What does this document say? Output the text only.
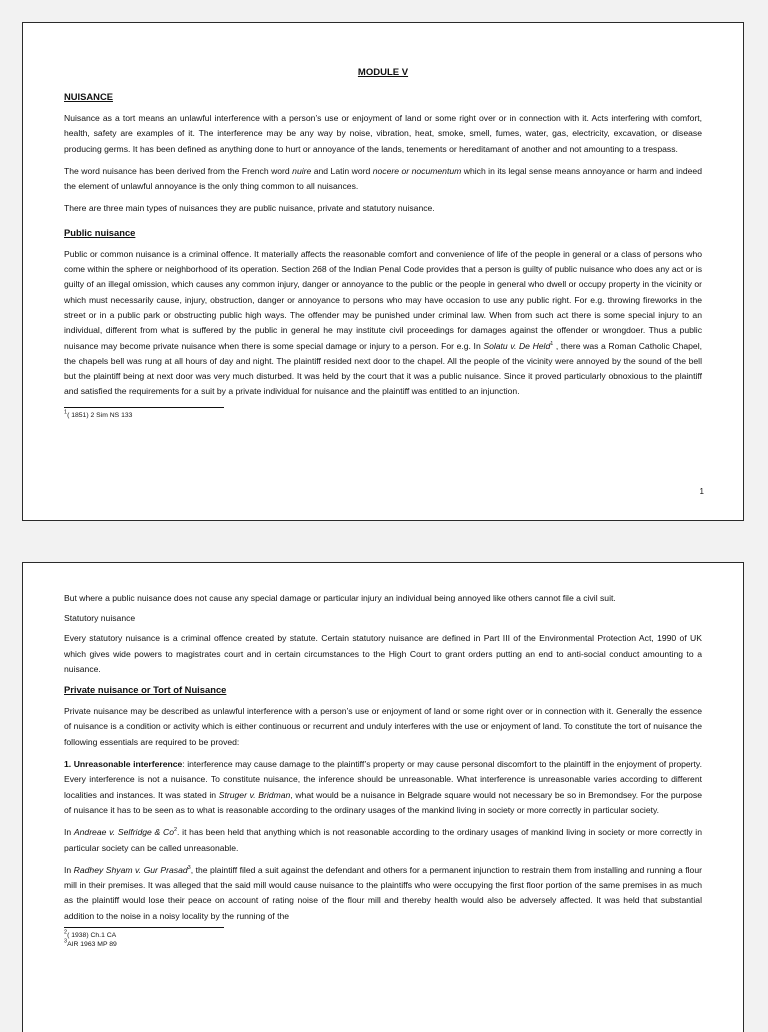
MODULE V
NUISANCE

Nuisance as a tort means an unlawful interference with a person’s use or enjoyment of land or some right over or in connection with it. Acts interfering with comfort, health, safety are examples of it. The interference may be any way by noise, vibration, heat, smoke, smell, fumes, water, gas, electricity, excavation, or disease producing germs. It has been defined as anything done to hurt or annoyance of the lands, tenements or hereditamant of another and not amounting to a trespass.

The word nuisance has been derived from the French word nuire and Latin word nocere or nocumentum which in its legal sense means annoyance or harm and indeed the element of unlawful annoyance is the only thing common to all nuisances.

There are three main types of nuisances they are public nuisance, private and statutory nuisance.

Public nuisance

Public or common nuisance is a criminal offence. It materially affects the reasonable comfort and convenience of life of the people in general or a class of persons who come within the sphere or neighborhood of its operation. Section 268 of the Indian Penal Code provides that a person is guilty of public nuisance who does any act or is guilty of an illegal omission, which causes any common injury, danger or annoyance to the public or the people in general who dwell or occupy property in the vicinity or which must necessarily cause, injury, obstruction, danger or annoyance to persons who may have occasion to use any public right. For e.g. throwing fireworks in the street or in a public park or obstructing public high ways. The offender may be punished under criminal law. When from such act there is some special injury to an individual, different from what is suffered by the public in general he may institute civil proceedings for damages against the offender or wrongdoer. Thus a public nuisance may become private nuisance when there is some special damage or injury to a person. For e.g. In Solatu v. De Held$^1$ , there was a Roman Catholic Chapel, the chapels bell was rung at all hours of day and night. The plaintiff resided next door to the chapel. All the people of the vicinity were annoyed by the sound of the bell but the plaintiff being at next door was very much disturbed. It was held by the court that it was a public nuisance. Since it proved particularly obnoxious to the plaintiff and satisfied the requirements for a suit by a private individual for nuisance and the plaintiff was entitled to an injunction.

$^1$( 1851) 2 Sim NS 133
1

But where a public nuisance does not cause any special damage or particular injury an individual being annoyed like others cannot file a civil suit.

Statutory nuisance

Every statutory nuisance is a criminal offence created by statute. Certain statutory nuisance are defined in Part III of the Environmental Protection Act, 1990 of UK which gives wide powers to magistrates court and in certain circumstances to the High Court to grant orders putting an end to anti-social conduct amounting to a nuisance.

Private nuisance or Tort of Nuisance

Private nuisance may be described as unlawful interference with a person’s use or enjoyment of land or some right over or in connection with it. Generally the essence of nuisance is a condition or activity which is either continuous or recurrent and unduly interferes with the use or enjoyment of land. To constitute the tort of nuisance the following essentials are required to be proved:

1. Unreasonable interference: interference may cause damage to the plaintiff’s property or may cause personal discomfort to the plaintiff in the enjoyment of property. Every interference is not a nuisance. To constitute nuisance, the inference should be unreasonable. What interference is unreasonable varies according to different localities and instances. It was stated in Struger v. Bridman, what would be a nuisance in Belgrade square would not necessary be so in Bremondsey. For the purpose of nuisance it has to be seen as to what is reasonable according to the ordinary usages of the mankind living in society or more correctly in particular society.

In Andreae v. Selfridge & Co$^2$. it has been held that anything which is not reasonable according to the ordinary usages of mankind living in society or more correctly in particular society can be called unreasonable.

In Radhey Shyam v. Gur Prasad$^3$, the plaintiff filed a suit against the defendant and others for a permanent injunction to restrain them from installing and running a flour mill in their premises. It was alleged that the said mill would cause nuisance to the plaintiffs who were occupying the first floor portion of the same premises in as much as the plaintiff would lose their peace on account of rating noise of the flour mill and thereby health would also be adversely affected. It was held that substantial addition to the noise in a noisy locality by the running of the

$^2$( 1938) Ch.1 CA
$^3$AIR 1963 MP 89
